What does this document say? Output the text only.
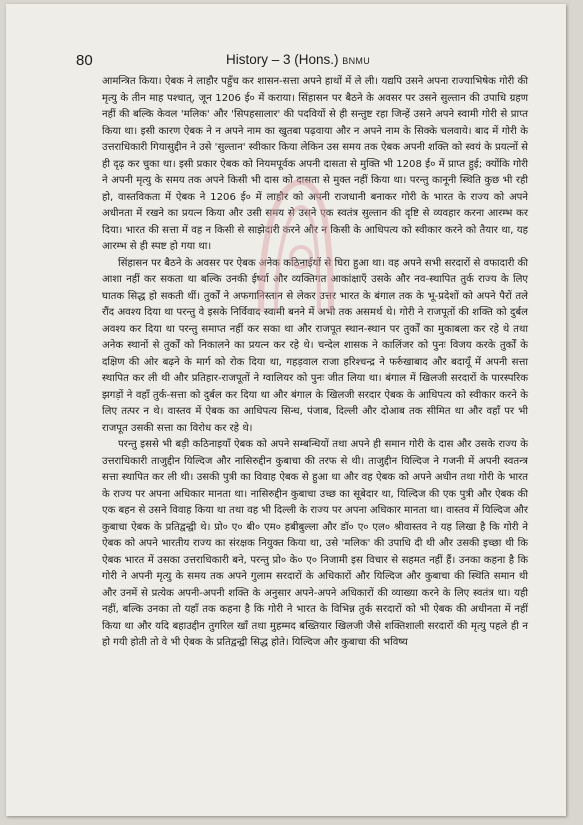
80	History – 3 (Hons.) BNMU

आमन्त्रित किया। ऐबक ने लाहौर पहुँच कर शासन-सत्ता अपने हाथों में ले ली। यद्यपि उसने अपना राज्याभिषेक गोरी की मृत्यु के तीन माह पश्चात्, जून 1206 ई० में कराया। सिंहासन पर बैठने के अवसर पर उसने सुल्तान की उपाधि ग्रहण नहीं की बल्कि केवल 'मलिक' और 'सिपहसालार' की पदवियों से ही सन्तुष्ट रहा जिन्हें उसने अपने स्वामी गोरी से प्राप्त किया था। इसी कारण ऐबक ने न अपने नाम का खुतबा पढ़वाया और न अपने नाम के सिक्के चलवाये। बाद में गोरी के उत्तराधिकारी गियासुद्दीन ने उसे 'सुल्तान' स्वीकार किया लेकिन उस समय तक ऐबक अपनी शक्ति को स्वयं के प्रयत्नों से ही दृढ़ कर चुका था। इसी प्रकार ऐबक को नियमपूर्वक अपनी दासता से मुक्ति भी 1208 ई० में प्राप्त हुई; क्योंकि गोरी ने अपनी मृत्यु के समय तक अपने किसी भी दास को दासता से मुक्त नहीं किया था। परन्तु कानूनी स्थिति कुछ भी रही हो, वास्तविकता में ऐबक ने 1206 ई० में लाहौर को अपनी राजधानी बनाकर गोरी के भारत के राज्य को अपने अधीनता में रखने का प्रयत्न किया और उसी समय से उसने एक स्वतंत्र सुल्तान की दृष्टि से व्यवहार करना आरम्भ कर दिया। भारत की सत्ता में वह न किसी से साझेदारी करने और न किसी के आधिपत्य को स्वीकार करने को तैयार था, यह आरम्भ से ही स्पष्ट हो गया था।

सिंहासन पर बैठने के अवसर पर ऐबक अनेक कठिनाईयों से घिरा हुआ था। वह अपने सभी सरदारों से वफादारी की आशा नहीं कर सकता था बल्कि उनकी ईर्ष्या और व्यक्तिगत आकांक्षाएँ उसके और नव-स्थापित तुर्क राज्य के लिए घातक सिद्ध हो सकती थीं। तुर्कों ने अफगानिस्तान से लेकर उत्तर भारत के बंगाल तक के भू-प्रदेशों को अपने पैरों तले रौंद अवश्य दिया था परन्तु वे इसके निर्विवाद स्वामी बनने में अभी तक असमर्थ थे। गोरी ने राजपूतों की शक्ति को दुर्बल अवश्य कर दिया था परन्तु समाप्त नहीं कर सका था और राजपूत स्थान-स्थान पर तुर्कों का मुकाबला कर रहे थे तथा अनेक स्थानों से तुर्कों को निकालने का प्रयत्न कर रहे थे। चन्देल शासक ने कालिंजर को पुनः विजय करके तुर्कों के दक्षिण की ओर बढ़ने के मार्ग को रोक दिया था, गहड़वाल राजा हरिश्चन्द्र ने फर्रुखाबाद और बदायूँ में अपनी सत्ता स्थापित कर ली थी और प्रतिहार-राजपूतों ने ग्वालियर को पुनः जीत लिया था। बंगाल में खिलजी सरदारों के पारस्परिक झगड़ों ने वहाँ तुर्क-सत्ता को दुर्बल कर दिया था और बंगाल के खिलजी सरदार ऐबक के आधिपत्य को स्वीकार करने के लिए तत्पर न थे। वास्तव में ऐबक का आधिपत्य सिन्ध, पंजाब, दिल्ली और दोआब तक सीमित था और वहाँ पर भी राजपूत उसकी सत्ता का विरोध कर रहे थे।

परन्तु इससे भी बड़ी कठिनाइयाँ ऐबक को अपने सम्बन्धियों तथा अपने ही समान गोरी के दास और उसके राज्य के उत्तराधिकारी ताजुद्दीन यिल्दिज और नासिरुद्दीन कुबाचा की तरफ से थी। ताजुद्दीन यिल्दिज ने गजनी में अपनी स्वतन्त्र सत्ता स्थापित कर ली थी। उसकी पुत्री का विवाह ऐबक से हुआ था और वह ऐबक को अपने अधीन तथा गोरी के भारत के राज्य पर अपना अधिकार मानता था। नासिरुद्दीन कुबाचा उच्छ का सूबेदार था, यिल्दिज की एक पुत्री और ऐबक की एक बहन से उसने विवाह किया था तथा वह भी दिल्ली के राज्य पर अपना अधिकार मानता था। वास्तव में यिल्दिज और कुबाचा ऐबक के प्रतिद्वन्द्वी थे। प्रो० ए० बी० एम० हबीबुल्ला और डॉ० ए० एल० श्रीवास्तव ने यह लिखा है कि गोरी ने ऐबक को अपने भारतीय राज्य का संरक्षक नियुक्त किया था, उसे 'मलिक' की उपाधि दी थी और उसकी इच्छा थी कि ऐबक भारत में उसका उत्तराधिकारी बने, परन्तु प्रो० के० ए० निजामी इस विचार से सहमत नहीं हैं। उनका कहना है कि गोरी ने अपनी मृत्यु के समय तक अपने गुलाम सरदारों के अधिकारों और यिल्दिज और कुबाचा की स्थिति समान थी और उनमें से प्रत्येक अपनी-अपनी शक्ति के अनुसार अपने-अपने अधिकारों की व्याख्या करने के लिए स्वतंत्र था। यही नहीं, बल्कि उनका तो यहाँ तक कहना है कि गोरी ने भारत के विभिन्न तुर्क सरदारों को भी ऐबक की अधीनता में नहीं किया था और यदि बहाउद्दीन तुगरिल खाँ तथा मुहम्मद बख्तियार खिलजी जैसे शक्तिशाली सरदारों की मृत्यु पहले ही न हो गयी होती तो वे भी ऐबक के प्रतिद्वन्द्वी सिद्ध होते। यिल्दिज और कुबाचा की भविष्य
